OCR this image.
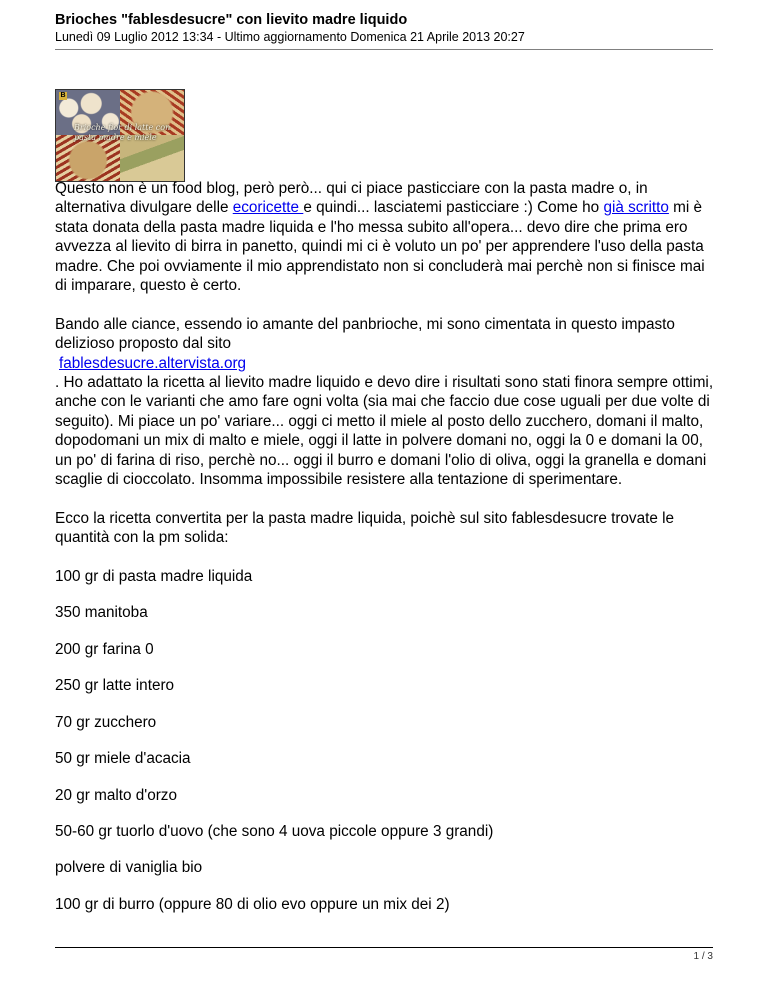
Brioches "fablesdesucre" con lievito madre liquido
Lunedì 09 Luglio 2012 13:34 - Ultimo aggiornamento Domenica 21 Aprile 2013 20:27
B
Brioche fior di latte con pasta madre e miele

Questo non è un food blog, però però... qui ci piace pasticciare con la pasta madre o, in alternativa divulgare delle ecoricette e quindi... lasciatemi pasticciare :) Come ho già scritto mi è stata donata della pasta madre liquida e l'ho messa subito all'opera... devo dire che prima ero avvezza al lievito di birra in panetto, quindi mi ci è voluto un po' per apprendere l'uso della pasta madre. Che poi ovviamente il mio apprendistato non si concluderà mai perchè non si finisce mai di imparare, questo è certo.

Bando alle ciance, essendo io amante del panbrioche, mi sono cimentata in questo impasto delizioso proposto dal sito
fablesdesucre.altervista.org
. Ho adattato la ricetta al lievito madre liquido e devo dire i risultati sono stati finora sempre ottimi, anche con le varianti che amo fare ogni volta (sia mai che faccio due cose uguali per due volte di seguito). Mi piace un po' variare... oggi ci metto il miele al posto dello zucchero, domani il malto, dopodomani un mix di malto e miele, oggi il latte in polvere domani no, oggi la 0 e domani la 00, un po' di farina di riso, perchè no... oggi il burro e domani l'olio di oliva, oggi la granella e domani scaglie di cioccolato. Insomma impossibile resistere alla tentazione di sperimentare.

Ecco la ricetta convertita per la pasta madre liquida, poichè sul sito fablesdesucre trovate le quantità con la pm solida:

100 gr di pasta madre liquida

350 manitoba

200 gr farina 0

250 gr latte intero

70 gr zucchero

50 gr miele d'acacia

20 gr malto d'orzo

50-60 gr tuorlo d'uovo (che sono 4 uova piccole oppure 3 grandi)

polvere di vaniglia bio

100 gr di burro (oppure 80 di olio evo oppure un mix dei 2)

1 / 3
